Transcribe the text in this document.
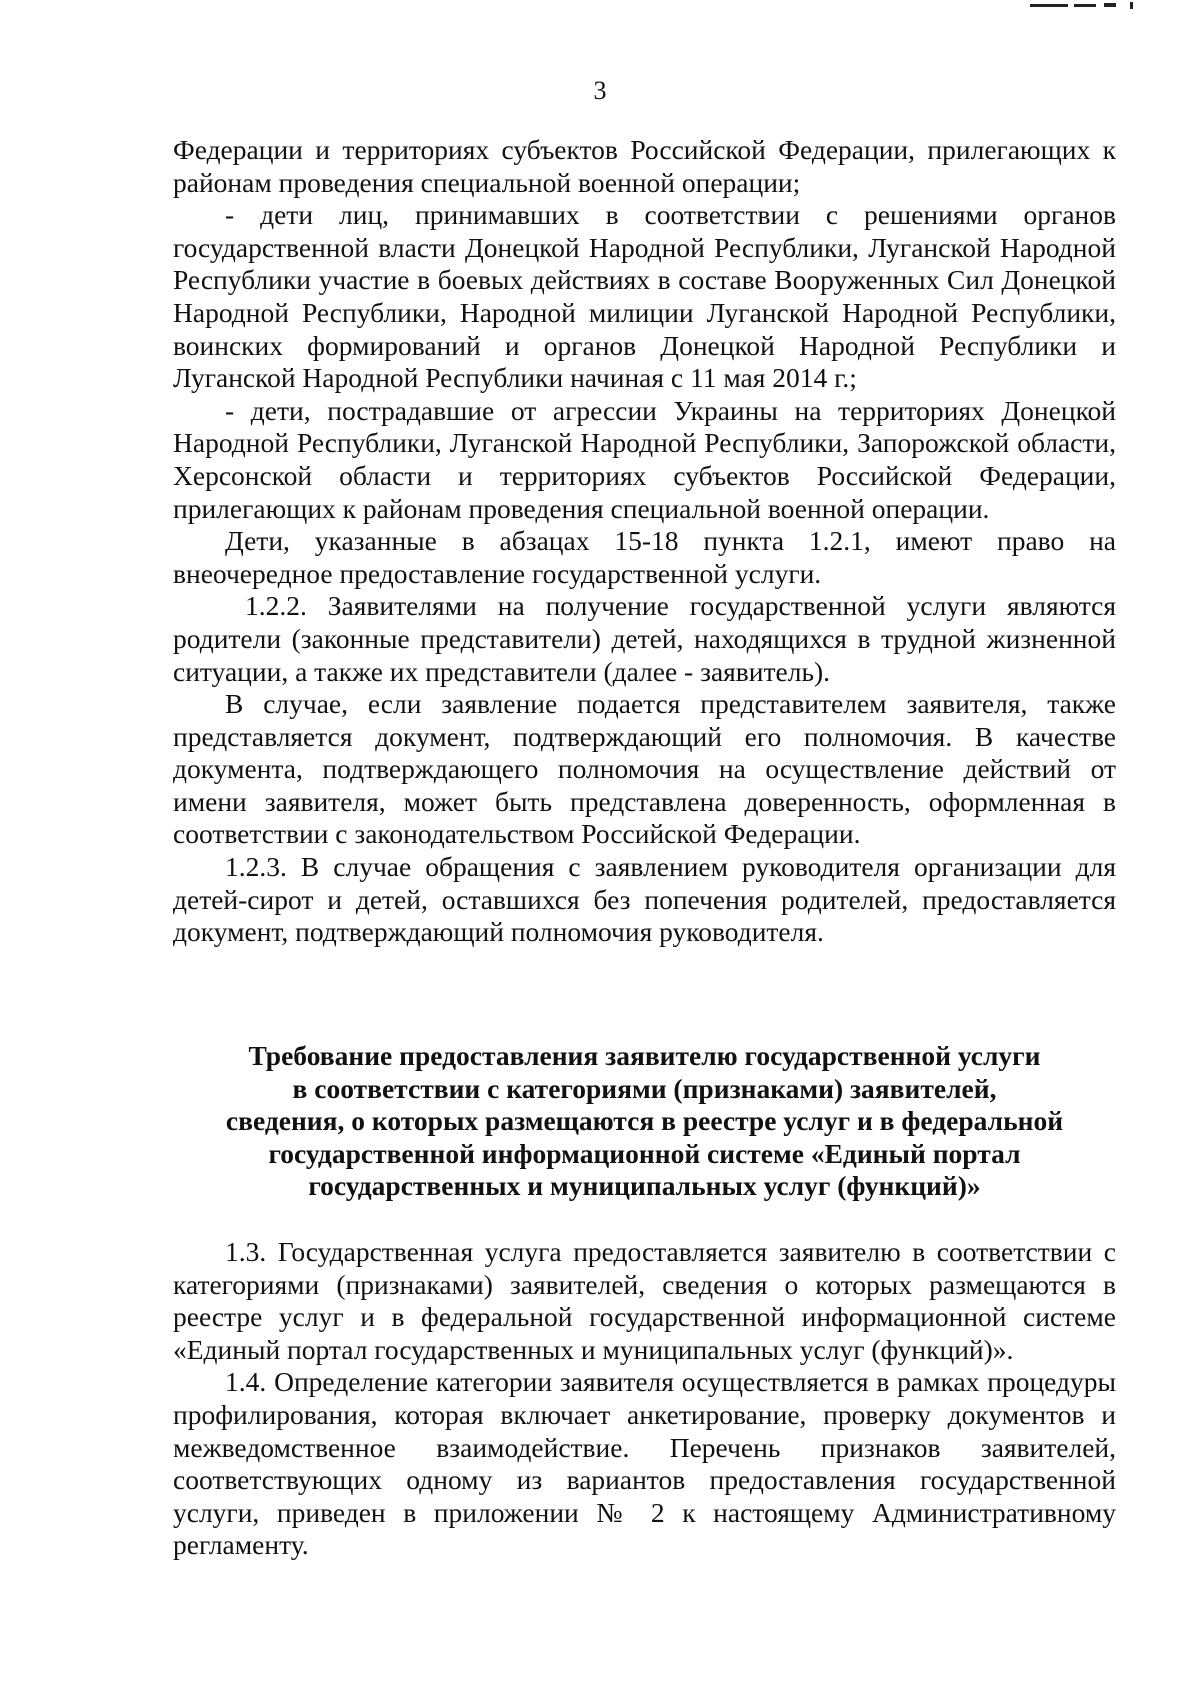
3

Федерации и территориях субъектов Российской Федерации, прилегающих к районам проведения специальной военной операции;

- дети лиц, принимавших в соответствии с решениями органов государственной власти Донецкой Народной Республики, Луганской Народной Республики участие в боевых действиях в составе Вооруженных Сил Донецкой Народной Республики, Народной милиции Луганской Народной Республики, воинских формирований и органов Донецкой Народной Республики и Луганской Народной Республики начиная с 11 мая 2014 г.;

- дети, пострадавшие от агрессии Украины на территориях Донецкой Народной Республики, Луганской Народной Республики, Запорожской области, Херсонской области и территориях субъектов Российской Федерации, прилегающих к районам проведения специальной военной операции.

Дети, указанные в абзацах 15-18 пункта 1.2.1, имеют право на внеочередное предоставление государственной услуги.

1.2.2. Заявителями на получение государственной услуги являются родители (законные представители) детей, находящихся в трудной жизненной ситуации, а также их представители (далее - заявитель).

В случае, если заявление подается представителем заявителя, также представляется документ, подтверждающий его полномочия. В качестве документа, подтверждающего полномочия на осуществление действий от имени заявителя, может быть представлена доверенность, оформленная в соответствии с законодательством Российской Федерации.

1.2.3. В случае обращения с заявлением руководителя организации для детей-сирот и детей, оставшихся без попечения родителей, предоставляется документ, подтверждающий полномочия руководителя.

Требование предоставления заявителю государственной услуги
в соответствии с категориями (признаками) заявителей,
сведения, о которых размещаются в реестре услуг и в федеральной
государственной информационной системе «Единый портал
государственных и муниципальных услуг (функций)»

1.3. Государственная услуга предоставляется заявителю в соответствии с категориями (признаками) заявителей, сведения о которых размещаются в реестре услуг и в федеральной государственной информационной системе «Единый портал государственных и муниципальных услуг (функций)».

1.4. Определение категории заявителя осуществляется в рамках процедуры профилирования, которая включает анкетирование, проверку документов и межведомственное взаимодействие. Перечень признаков заявителей, соответствующих одному из вариантов предоставления государственной услуги, приведен в приложении № 2 к настоящему Административному регламенту.
